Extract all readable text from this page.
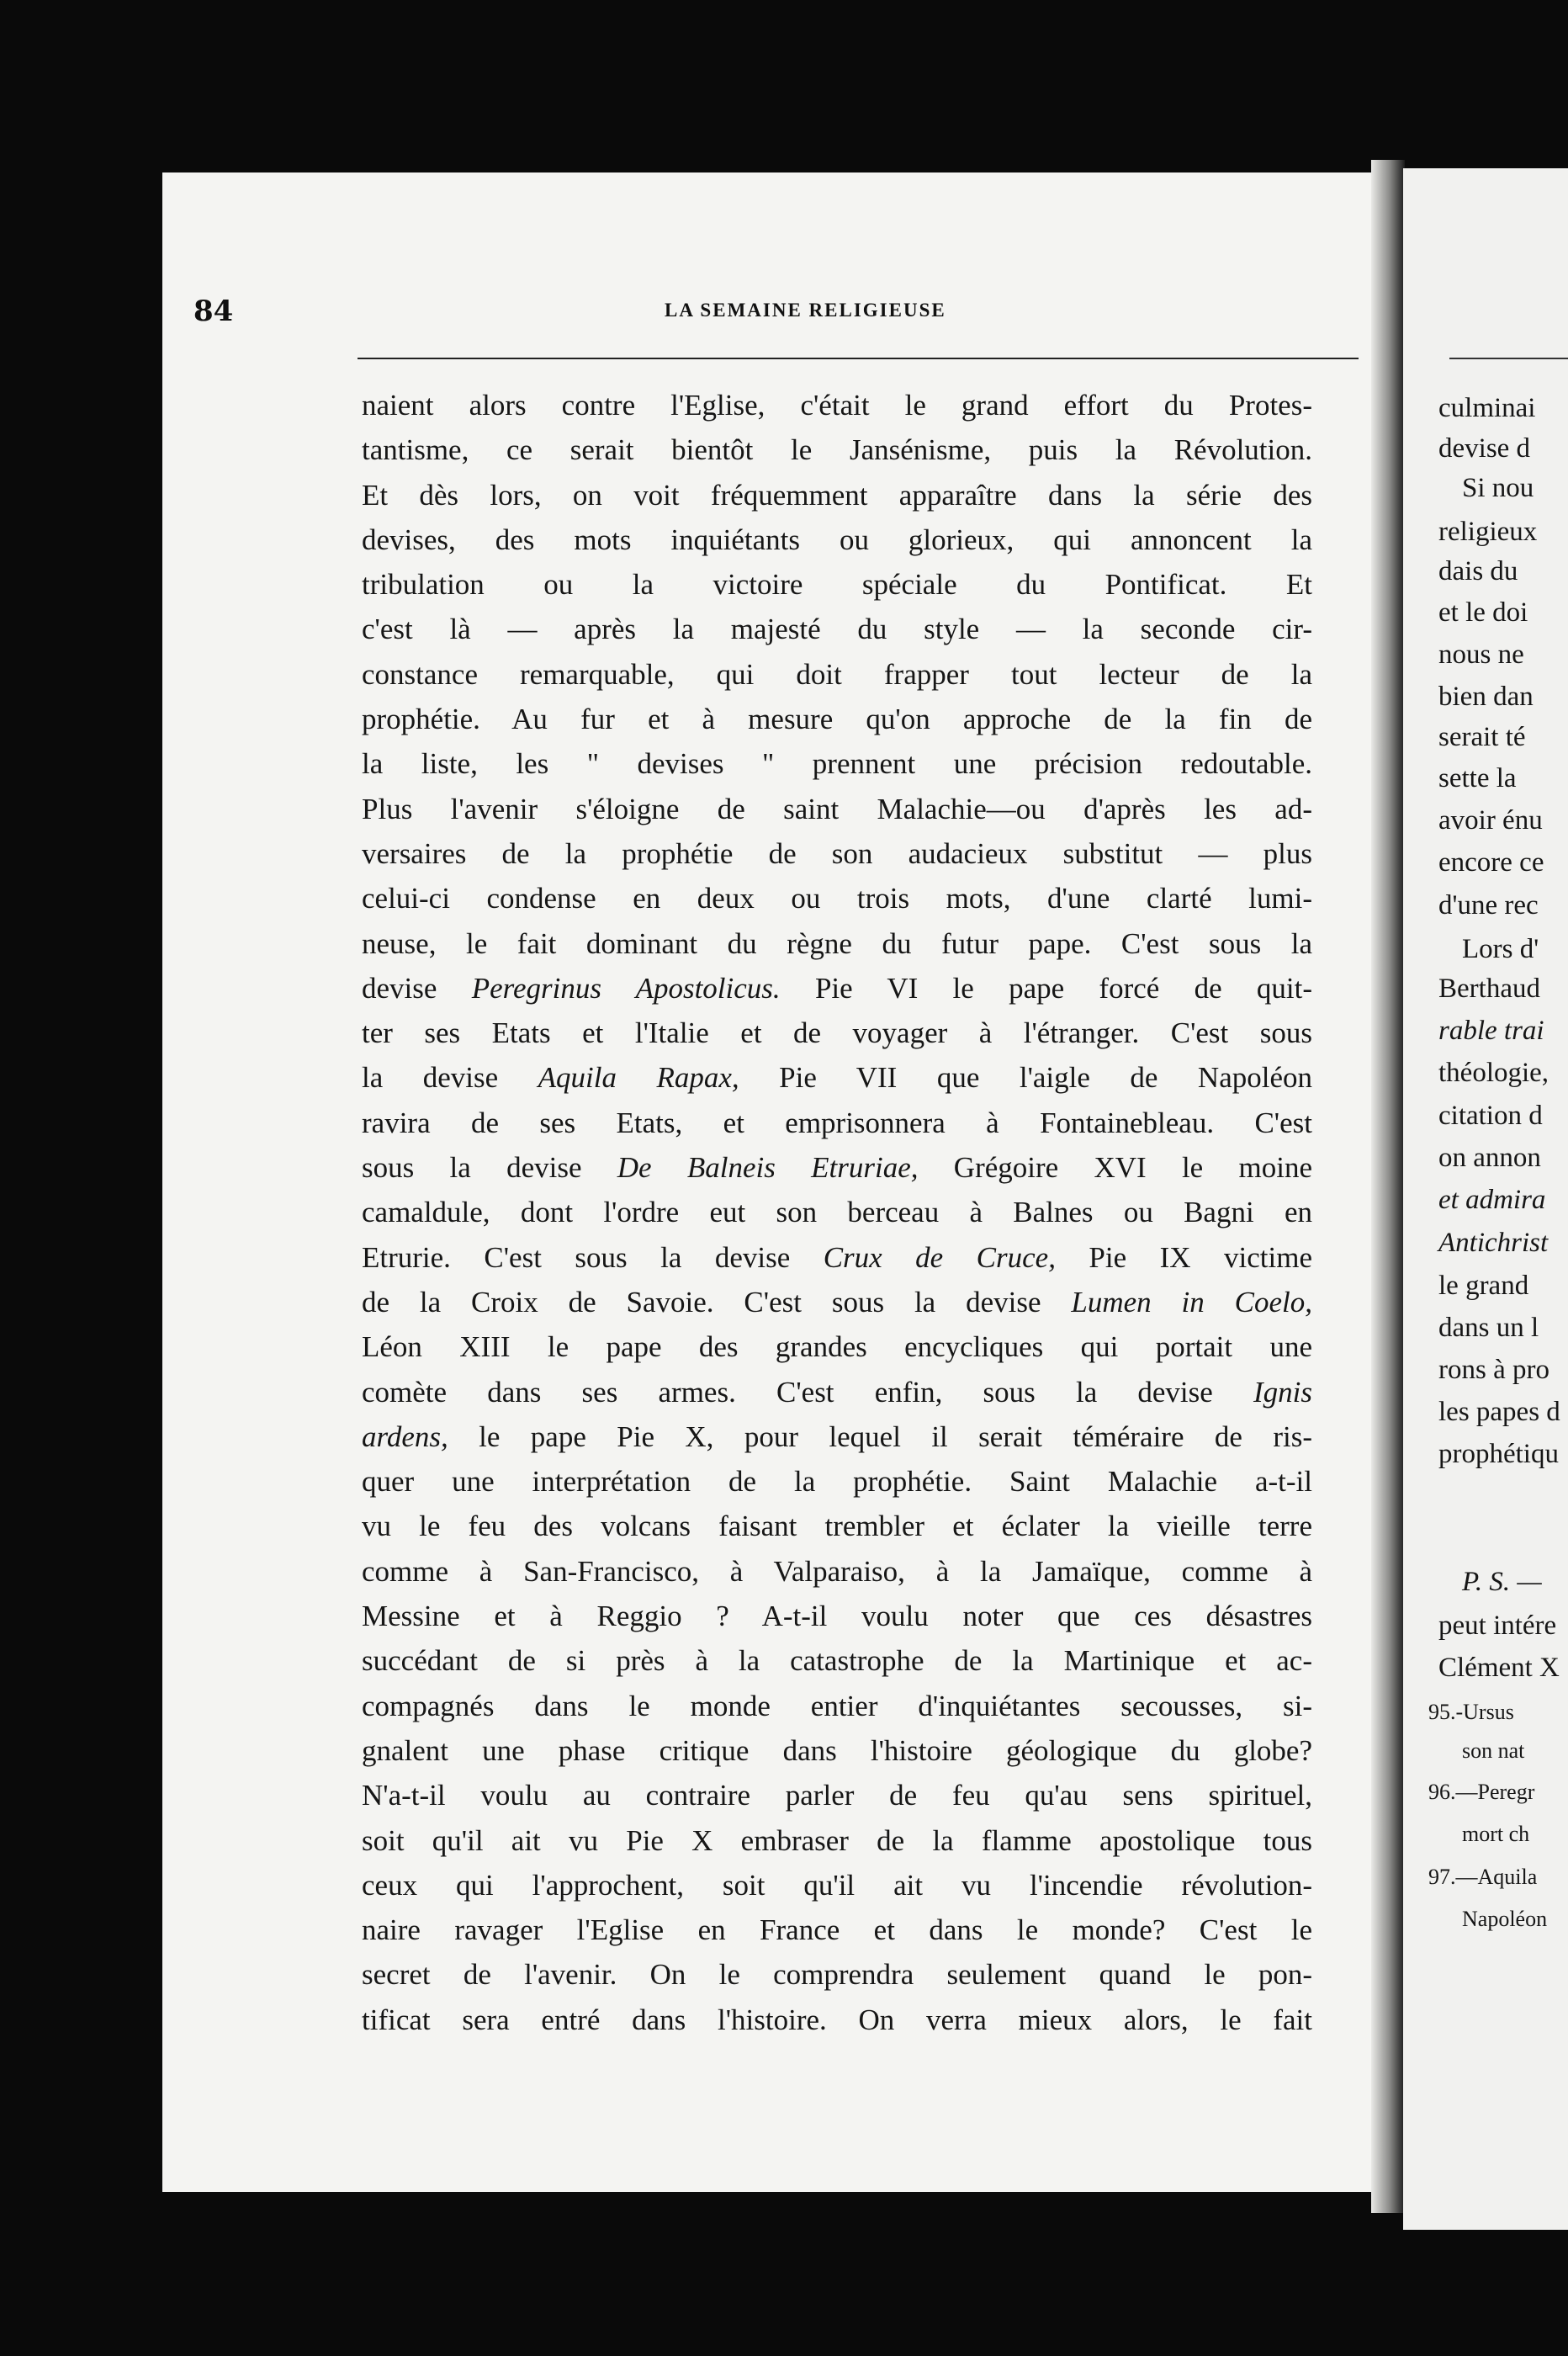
culminai
devise d
Si nou
religieux
dais du
et le doi
nous ne
bien dan
serait té
sette la
avoir énu
encore ce
d'une rec
Lors d'
Berthaud
rable trai
théologie,
citation d
on annon
et admira
Antichrist
le grand
dans un l
rons à pro
les papes d
prophétiqu
P. S. —
peut intére
Clément X
95.-Ursus
son nat
96.—Peregr
mort ch
97.—Aquila
Napoléon
84	LA SEMAINE RELIGIEUSE
naient alors contre l'Eglise, c'était le grand effort du Protes-
tantisme, ce serait bientôt le Jansénisme, puis la Révolution.
Et dès lors, on voit fréquemment apparaître dans la série des
devises, des mots inquiétants ou glorieux, qui annoncent la
tribulation ou la victoire spéciale du Pontificat. Et
c'est là — après la majesté du style — la seconde cir-
constance remarquable, qui doit frapper tout lecteur de la
prophétie. Au fur et à mesure qu'on approche de la fin de
la liste, les " devises " prennent une précision redoutable.
Plus l'avenir s'éloigne de saint Malachie—ou d'après les ad-
versaires de la prophétie de son audacieux substitut — plus
celui-ci condense en deux ou trois mots, d'une clarté lumi-
neuse, le fait dominant du règne du futur pape. C'est sous la
devise Peregrinus Apostolicus. Pie VI le pape forcé de quit-
ter ses Etats et l'Italie et de voyager à l'étranger. C'est sous
la devise Aquila Rapax, Pie VII que l'aigle de Napoléon
ravira de ses Etats, et emprisonnera à Fontainebleau. C'est
sous la devise De Balneis Etruriae, Grégoire XVI le moine
camaldule, dont l'ordre eut son berceau à Balnes ou Bagni en
Etrurie. C'est sous la devise Crux de Cruce, Pie IX victime
de la Croix de Savoie. C'est sous la devise Lumen in Coelo,
Léon XIII le pape des grandes encycliques qui portait une
comète dans ses armes. C'est enfin, sous la devise Ignis
ardens, le pape Pie X, pour lequel il serait téméraire de ris-
quer une interprétation de la prophétie. Saint Malachie a-t-il
vu le feu des volcans faisant trembler et éclater la vieille terre
comme à San-Francisco, à Valparaiso, à la Jamaïque, comme à
Messine et à Reggio ? A-t-il voulu noter que ces désastres
succédant de si près à la catastrophe de la Martinique et ac-
compagnés dans le monde entier d'inquiétantes secousses, si-
gnalent une phase critique dans l'histoire géologique du globe?
N'a-t-il voulu au contraire parler de feu qu'au sens spirituel,
soit qu'il ait vu Pie X embraser de la flamme apostolique tous
ceux qui l'approchent, soit qu'il ait vu l'incendie révolution-
naire ravager l'Eglise en France et dans le monde? C'est le
secret de l'avenir. On le comprendra seulement quand le pon-
tificat sera entré dans l'histoire. On verra mieux alors, le fait
